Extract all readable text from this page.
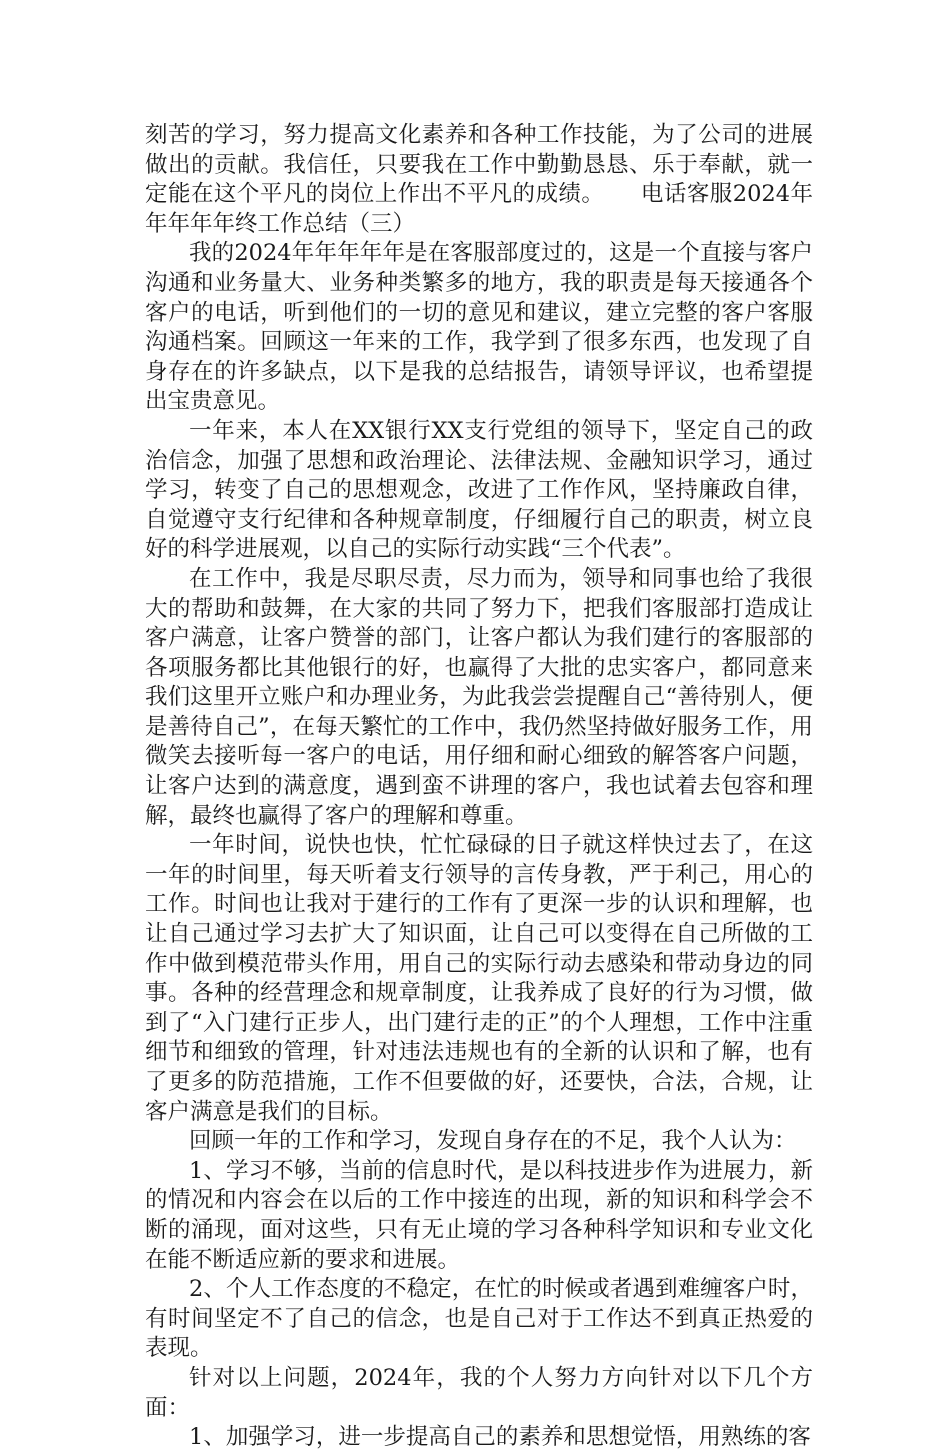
刻苦的学习，努力提高文化素养和各种工作技能，为了公司的进展做出的贡献。我信任，只要我在工作中勤勤恳恳、乐于奉献，就一定能在这个平凡的岗位上作出不平凡的成绩。 电话客服2024年年年年年终工作总结（三）

我的2024年年年年年是在客服部度过的，这是一个直接与客户沟通和业务量大、业务种类繁多的地方，我的职责是每天接通各个客户的电话，听到他们的一切的意见和建议，建立完整的客户客服沟通档案。回顾这一年来的工作，我学到了很多东西，也发现了自身存在的许多缺点，以下是我的总结报告，请领导评议，也希望提出宝贵意见。

一年来，本人在XX银行XX支行党组的领导下，坚定自己的政治信念，加强了思想和政治理论、法律法规、金融知识学习，通过学习，转变了自己的思想观念，改进了工作作风，坚持廉政自律，自觉遵守支行纪律和各种规章制度，仔细履行自己的职责，树立良好的科学进展观，以自己的实际行动实践“三个代表”。

在工作中，我是尽职尽责，尽力而为，领导和同事也给了我很大的帮助和鼓舞，在大家的共同了努力下，把我们客服部打造成让客户满意，让客户赞誉的部门，让客户都认为我们建行的客服部的各项服务都比其他银行的好，也赢得了大批的忠实客户，都同意来我们这里开立账户和办理业务，为此我尝尝提醒自己“善待别人，便是善待自己”，在每天繁忙的工作中，我仍然坚持做好服务工作，用微笑去接听每一客户的电话，用仔细和耐心细致的解答客户问题，让客户达到的满意度，遇到蛮不讲理的客户，我也试着去包容和理解，最终也赢得了客户的理解和尊重。

一年时间，说快也快，忙忙碌碌的日子就这样快过去了，在这一年的时间里，每天听着支行领导的言传身教，严于利己，用心的工作。时间也让我对于建行的工作有了更深一步的认识和理解，也让自己通过学习去扩大了知识面，让自己可以变得在自己所做的工作中做到模范带头作用，用自己的实际行动去感染和带动身边的同事。各种的经营理念和规章制度，让我养成了良好的行为习惯，做到了“入门建行正步人，出门建行走的正”的个人理想，工作中注重细节和细致的管理，针对违法违规也有的全新的认识和了解，也有了更多的防范措施，工作不但要做的好，还要快，合法，合规，让客户满意是我们的目标。

回顾一年的工作和学习，发现自身存在的不足，我个人认为：

1、学习不够，当前的信息时代，是以科技进步作为进展力，新的情况和内容会在以后的工作中接连的出现，新的知识和科学会不断的涌现，面对这些，只有无止境的学习各种科学知识和专业文化在能不断适应新的要求和进展。

2、个人工作态度的不稳定，在忙的时候或者遇到难缠客户时，有时间坚定不了自己的信念，也是自己对于工作达不到真正热爱的表现。

针对以上问题，2024年，我的个人努力方向针对以下几个方面：

1、加强学习，进一步提高自己的素养和思想觉悟，用熟练的客
